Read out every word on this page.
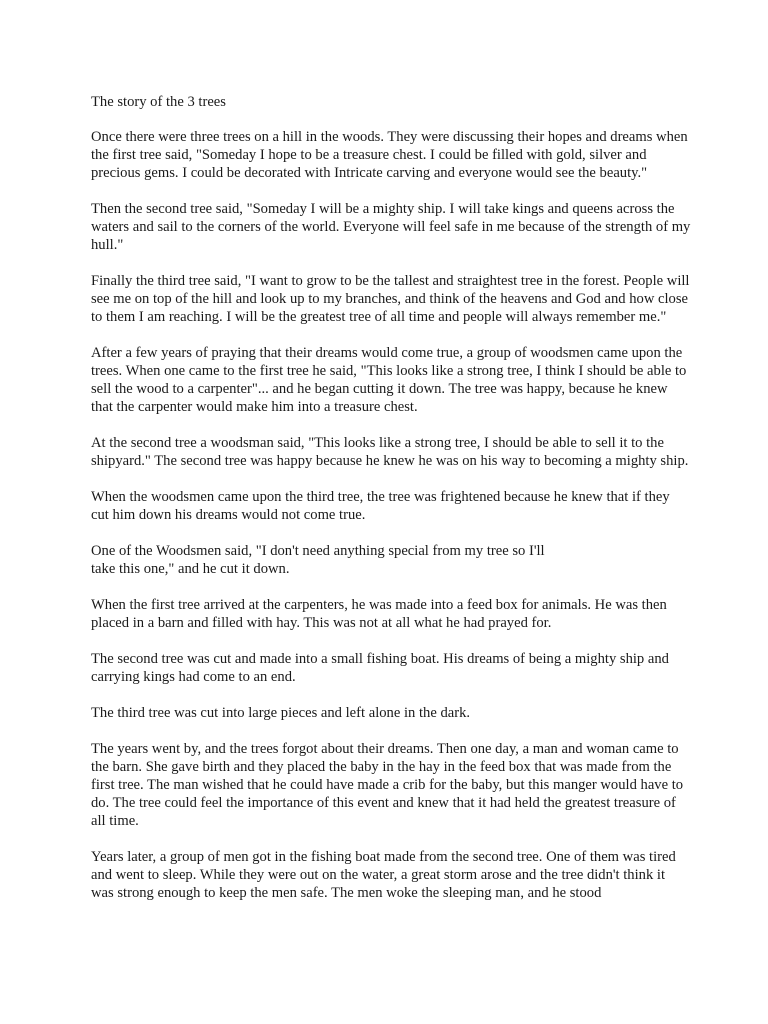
The story of the 3 trees

Once there were three trees on a hill in the woods. They were discussing their hopes and dreams when the first tree said, "Someday I hope to be a treasure chest. I could be filled with gold, silver and precious gems. I could be decorated with Intricate carving and everyone would see the beauty."

Then the second tree said, "Someday I will be a mighty ship. I will take kings and queens across the waters and sail to the corners of the world. Everyone will feel safe in me because of the strength of my hull."

Finally the third tree said, "I want to grow to be the tallest and straightest tree in the forest. People will see me on top of the hill and look up to my branches, and think of the heavens and God and how close to them I am reaching. I will be the greatest tree of all time and people will always remember me."

After a few years of praying that their dreams would come true, a group of woodsmen came upon the trees. When one came to the first tree he said, "This looks like a strong tree, I think I should be able to sell the wood to a carpenter"... and he began cutting it down. The tree was happy, because he knew that the carpenter would make him into a treasure chest.

At the second tree a woodsman said, "This looks like a strong tree, I should be able to sell it to the shipyard." The second tree was happy because he knew he was on his way to becoming a mighty ship.

When the woodsmen came upon the third tree, the tree was frightened because he knew that if they cut him down his dreams would not come true.

One of the Woodsmen said, "I don't need anything special from my tree so I'll
take this one," and he cut it down.

When the first tree arrived at the carpenters, he was made into a feed box for animals. He was then placed in a barn and filled with hay. This was not at all what he had prayed for.

The second tree was cut and made into a small fishing boat. His dreams of being a mighty ship and carrying kings had come to an end.

The third tree was cut into large pieces and left alone in the dark.

The years went by, and the trees forgot about their dreams. Then one day, a man and woman came to the barn. She gave birth and they placed the baby in the hay in the feed box that was made from the first tree. The man wished that he could have made a crib for the baby, but this manger would have to do. The tree could feel the importance of this event and knew that it had held the greatest treasure of all time.

Years later, a group of men got in the fishing boat made from the second tree. One of them was tired and went to sleep. While they were out on the water, a great storm arose and the tree didn't think it was strong enough to keep the men safe. The men woke the sleeping man, and he stood
